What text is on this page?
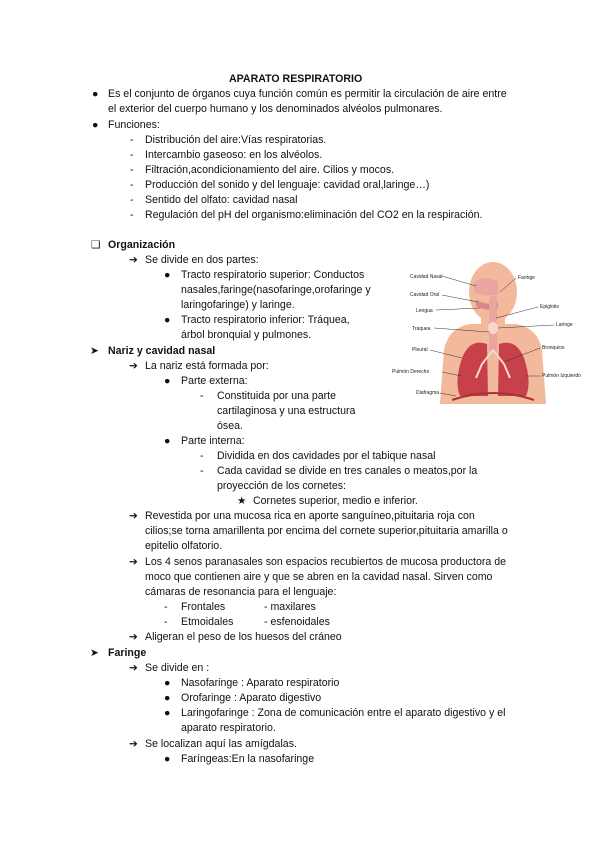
APARATO RESPIRATORIO
● Es el conjunto de órganos cuya función común es permitir la circulación de aire entre
el exterior del cuerpo humano y los denominados alvéolos pulmonares.
● Funciones:
- Distribución del aire:Vías respiratorias.
- Intercambio gaseoso: en los alvéolos.
- Filtración,acondicionamiento del aire. Cilios y mocos.
- Producción del sonido y del lenguaje: cavidad oral,laringe…)
- Sentido del olfato: cavidad nasal
- Regulación del pH del organismo:eliminación del CO2 en la respiración.
❑ Organización
➔ Se divide en dos partes:
● Tracto respiratorio superior: Conductos
nasales,faringe(nasofaringe,orofaringe y
laringofaringe) y laringe.
● Tracto respiratorio inferior: Tráquea,
árbol bronquial y pulmones.
➤ Nariz y cavidad nasal
➔ La nariz está formada por:
● Parte externa:
- Constituida por una parte
cartilaginosa y una estructura
ósea.
● Parte interna:
- Dividida en dos cavidades por el tabique nasal
- Cada cavidad se divide en tres canales o meatos,por la
proyección de los cornetes:
★ Cornetes superior, medio e inferior.
➔ Revestida por una mucosa rica en aporte sanguíneo,pituitaria roja con
cilios;se torna amarillenta por encima del cornete superior,pituitaria amarilla o
epitelio olfatorio.
➔ Los 4 senos paranasales son espacios recubiertos de mucosa productora de
moco que contienen aire y que se abren en la cavidad nasal. Sirven como
cámaras de resonancia para el lenguaje:
- Frontales	- maxilares
- Etmoidales	- esfenoidales
➔ Aligeran el peso de los huesos del cráneo
➤ Faringe
➔ Se divide en :
● Nasofaringe : Aparato respiratorio
● Orofaringe : Aparato digestivo
● Laringofaringe : Zona de comunicación entre el aparato digestivo y el
aparato respiratorio.
➔ Se localizan aquí las amígdalas.
● Faríngeas:En la nasofaringe
Cavidad Nasal
Cavidad Oral
Lengua
Tráquea
Pleural
Pulmón Derecho
Diafragma
Faringe
Epiglotis
Laringe
Bronquios
Pulmón Izquierdo
